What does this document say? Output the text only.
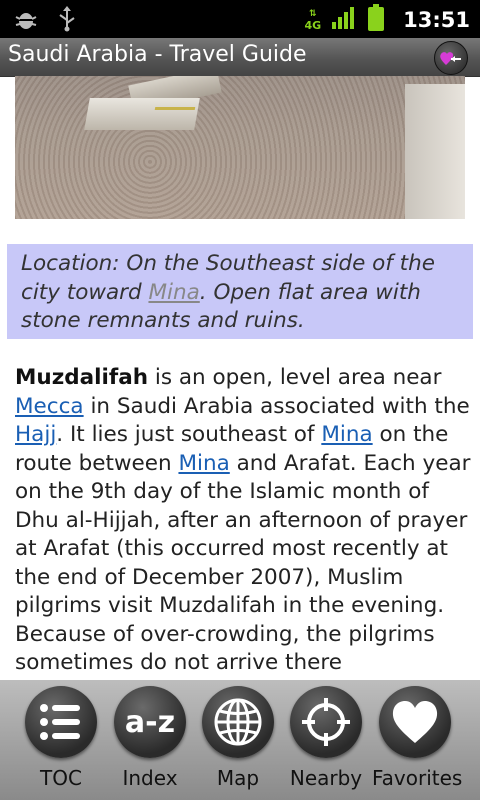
⇅
4G	13:51
Saudi Arabia - Travel Guide
Location: On the Southeast side of the city toward Mina. Open flat area with stone remnants and ruins.
Muzdalifah is an open, level area near Mecca in Saudi Arabia associated with the Hajj. It lies just southeast of Mina on the route between Mina and Arafat. Each year on the 9th day of the Islamic month of Dhu al-Hijjah, after an afternoon of prayer at Arafat (this occurred most recently at the end of December 2007), Muslim pilgrims visit Muzdalifah in the evening. Because of over-crowding, the pilgrims sometimes do not arrive there
TOC
a-z
Index	Map	Nearby Favorites
